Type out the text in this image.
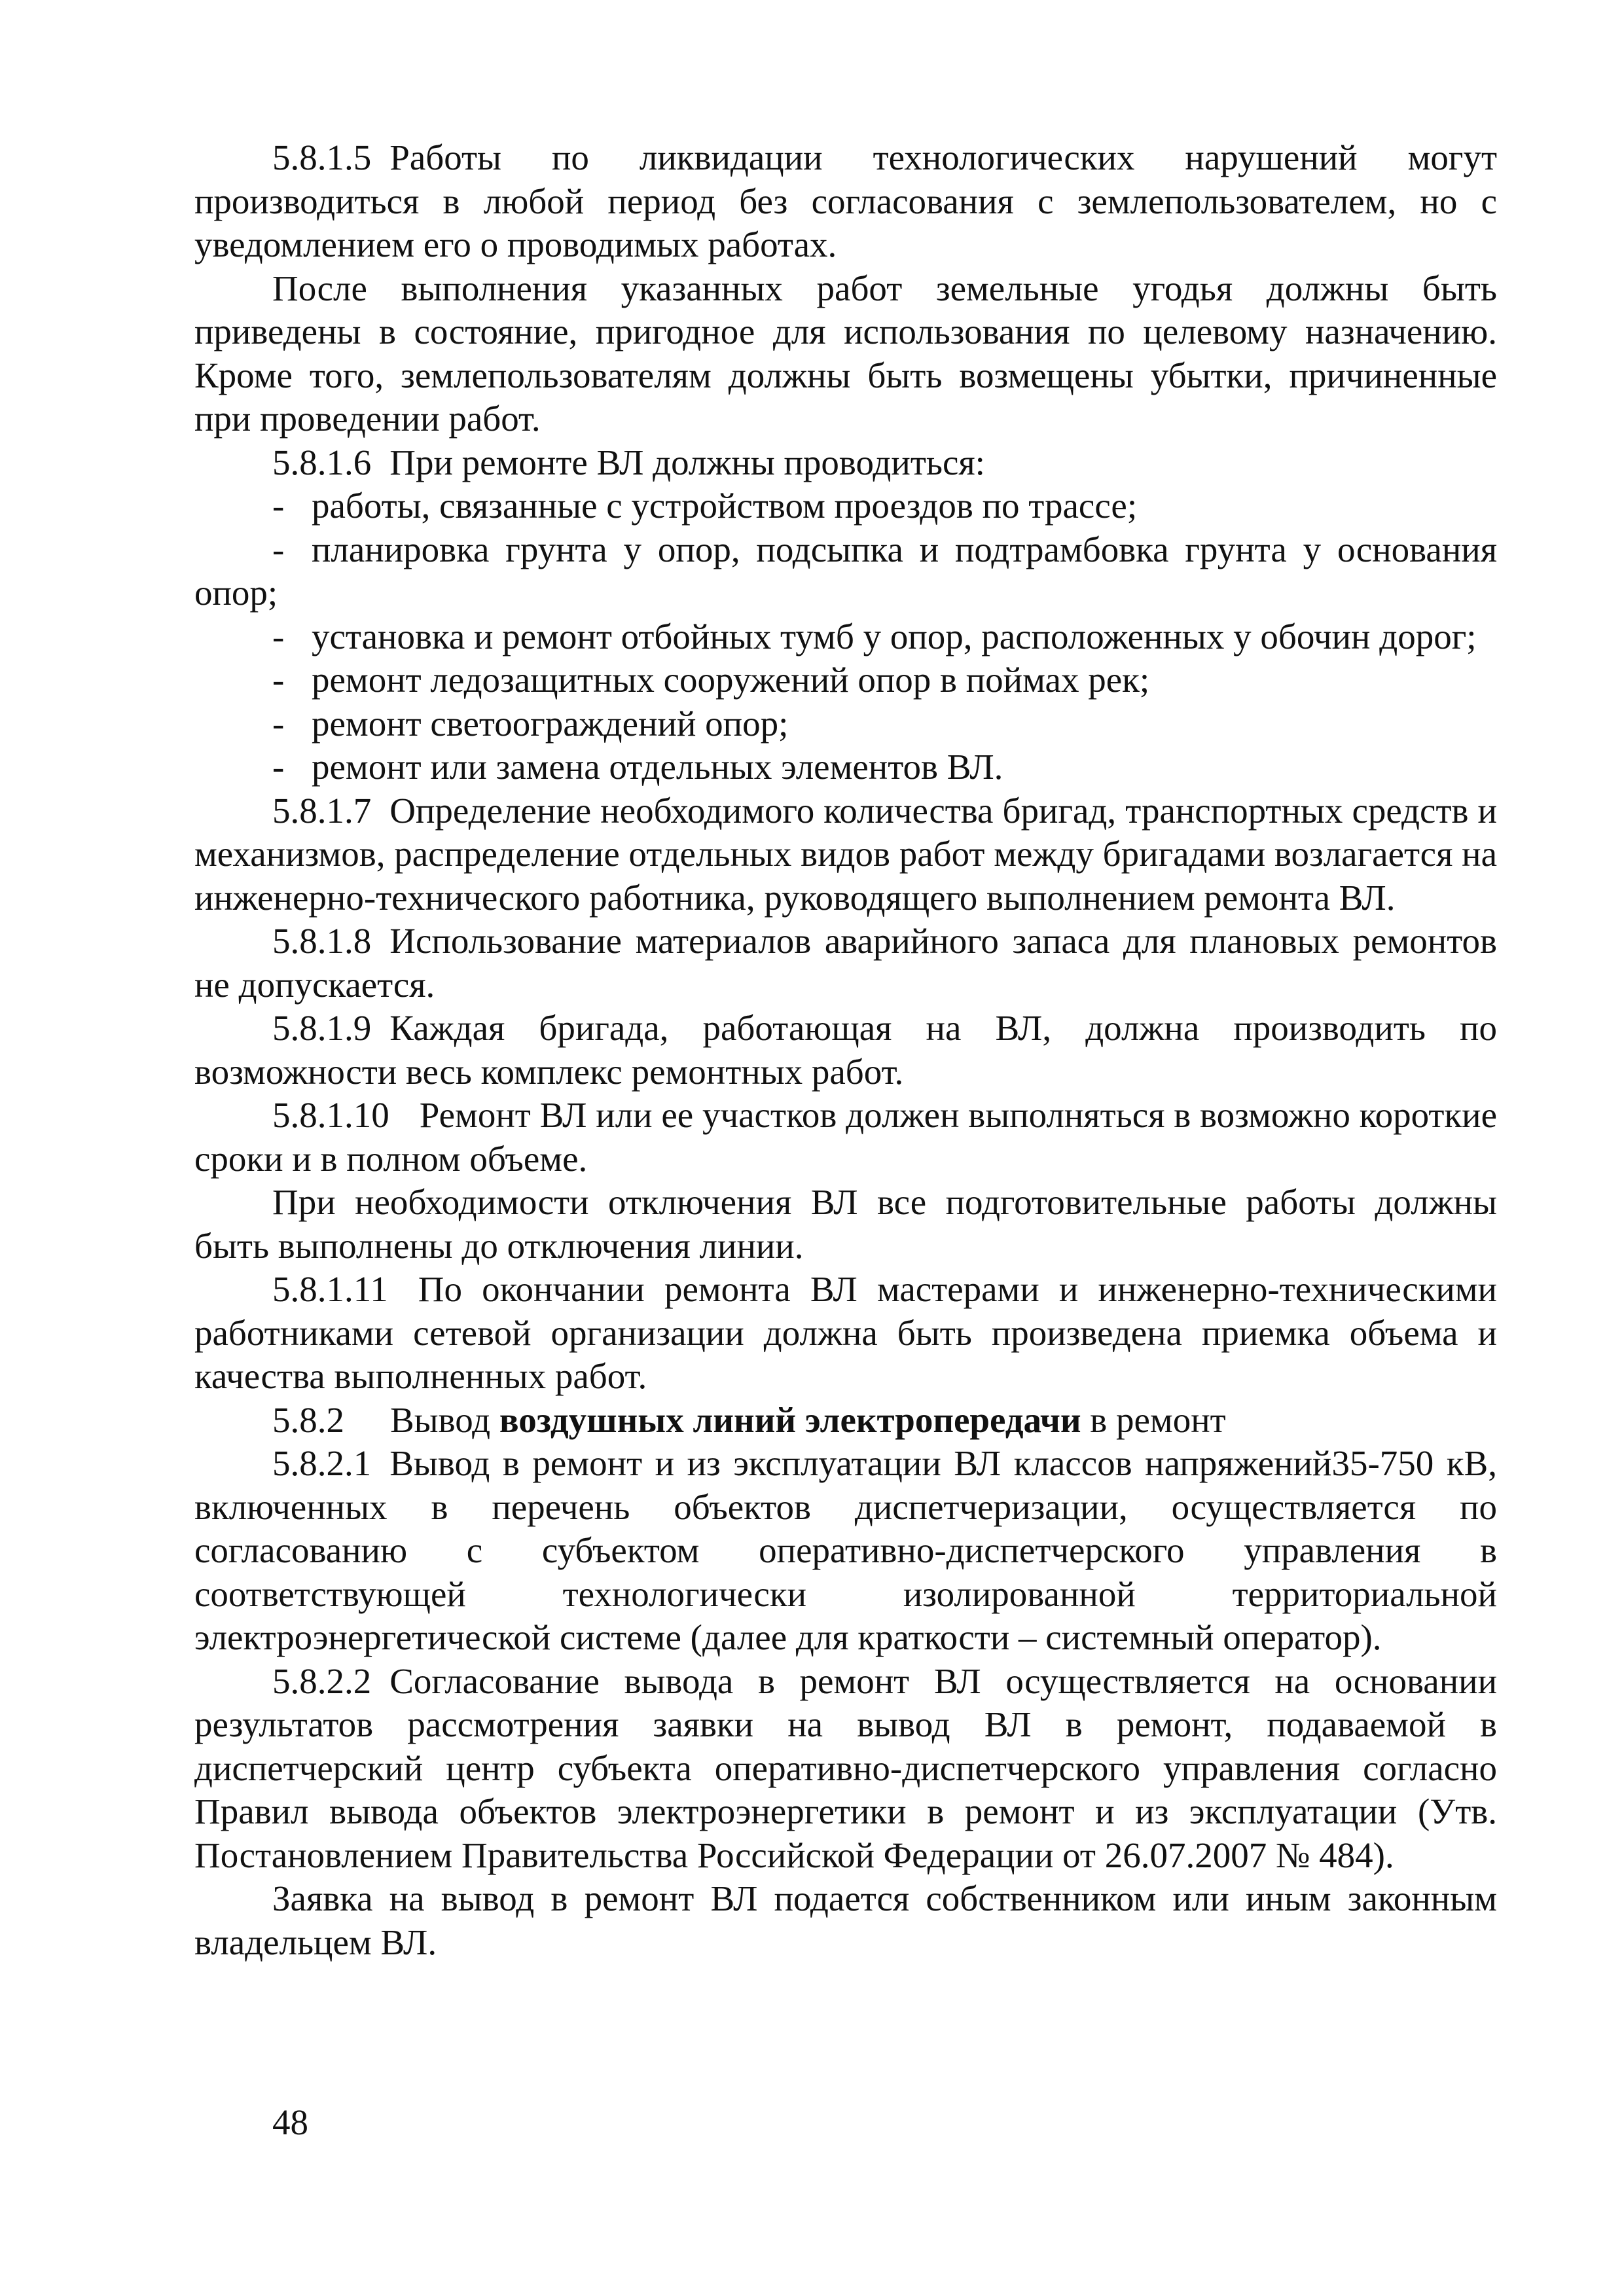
5.8.1.5 Работы по ликвидации технологических нарушений могут производиться в любой период без согласования с землепользователем, но с уведомлением его о проводимых работах.

После выполнения указанных работ земельные угодья должны быть приведены в состояние, пригодное для использования по целевому назначению. Кроме того, землепользователям должны быть возмещены убытки, причиненные при проведении работ.

5.8.1.6 При ремонте ВЛ должны проводиться:

- работы, связанные с устройством проездов по трассе;

- планировка грунта у опор, подсыпка и подтрамбовка грунта у основания опор;

- установка и ремонт отбойных тумб у опор, расположенных у обочин дорог;

- ремонт ледозащитных сооружений опор в поймах рек;

- ремонт светоограждений опор;

- ремонт или замена отдельных элементов ВЛ.

5.8.1.7 Определение необходимого количества бригад, транспортных средств и механизмов, распределение отдельных видов работ между бригадами возлагается на инженерно-технического работника, руководящего выполнением ремонта ВЛ.

5.8.1.8 Использование материалов аварийного запаса для плановых ремонтов не допускается.

5.8.1.9 Каждая бригада, работающая на ВЛ, должна производить по возможности весь комплекс ремонтных работ.

5.8.1.10 Ремонт ВЛ или ее участков должен выполняться в возможно короткие сроки и в полном объеме.

При необходимости отключения ВЛ все подготовительные работы должны быть выполнены до отключения линии.

5.8.1.11 По окончании ремонта ВЛ мастерами и инженерно-техническими работниками сетевой организации должна быть произведена приемка объема и качества выполненных работ.

5.8.2 Вывод воздушных линий электропередачи в ремонт

5.8.2.1 Вывод в ремонт и из эксплуатации ВЛ классов напряжений35-750 кВ, включенных в перечень объектов диспетчеризации, осуществляется по согласованию с субъектом оперативно-диспетчерского управления в соответствующей технологически изолированной территориальной электроэнергетической системе (далее для краткости – системный оператор).

5.8.2.2 Согласование вывода в ремонт ВЛ осуществляется на основании результатов рассмотрения заявки на вывод ВЛ в ремонт, подаваемой в диспетчерский центр субъекта оперативно-диспетчерского управления согласно Правил вывода объектов электроэнергетики в ремонт и из эксплуатации (Утв. Постановлением Правительства Российской Федерации от 26.07.2007 № 484).

Заявка на вывод в ремонт ВЛ подается собственником или иным законным владельцем ВЛ.

48
